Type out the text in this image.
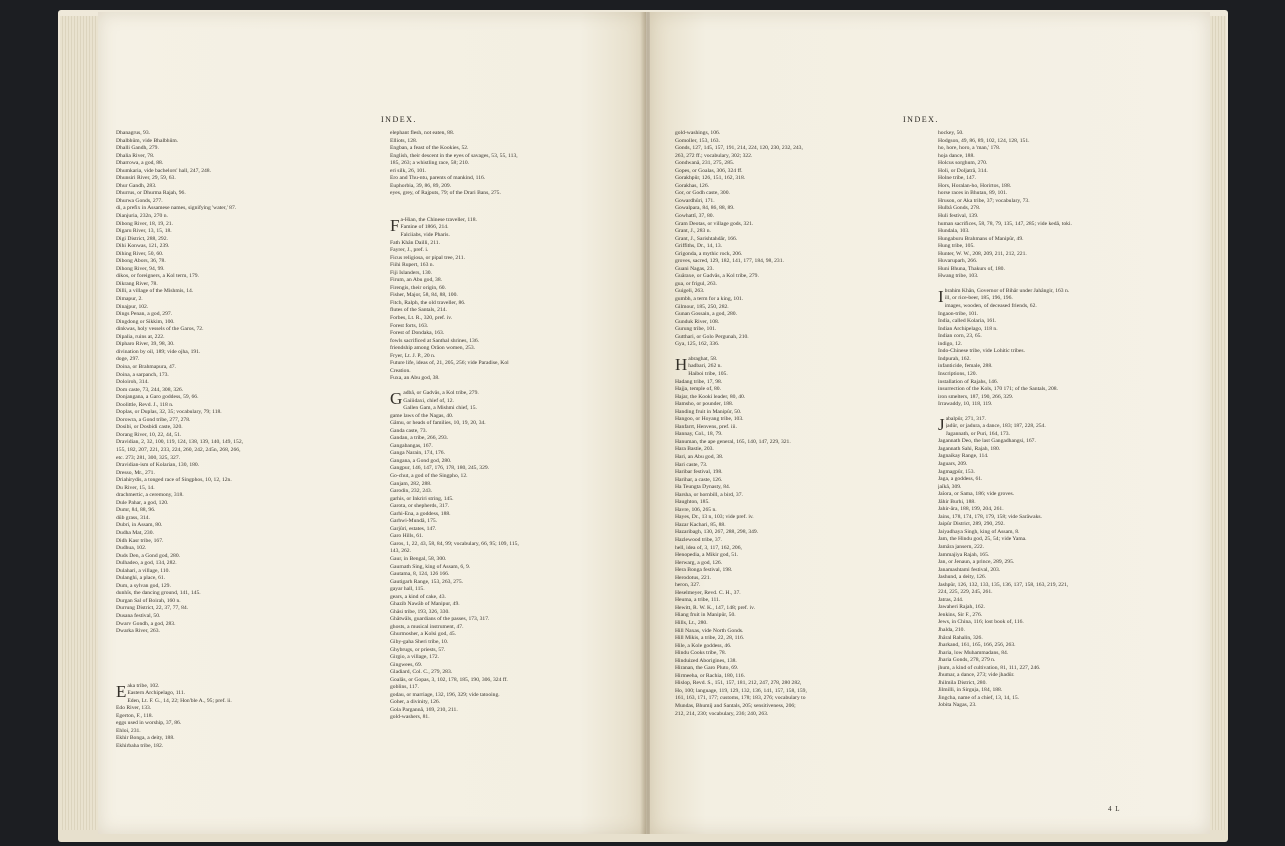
INDEX.
Dhanagrus, 93.
Dhalbhûm, vide Bhalbhûm.
Dhalli Gandh, 279.
Dhalia River, 78.
Dharrowa, a god, 88.
Dhumkaria, vide bachelors' hall, 247, 248.
Dhunsiri River, 29, 59, 63.
Dhur Gandh, 283.
Dhurrus, or Dhurma Rajah, 96.
Dhurwa Gonds, 277.
di, a prefix in Assamese names, signifying 'water,' 87.
Dianjuria, 232n, 270 n.
Dibong River, 18, 19, 21.
Digaru River, 13, 15, 18.
Digi District, 288, 292.
Dihi Konwas, 121, 239.
Dihing River, 50, 60.
Dibong Abors, 36, 78.
Dihong River, 94, 99.
dikos, or foreigners, a Kol term, 179.
Dikrang River, 78.
Dilli, a village of the Mishmis, 14.
Dimapur, 2.
Dinajpur, 102.
Dings Penan, a god, 297.
Dingdong or Sikkim, 100.
dinkwas, holy vessels of the Garos, 72.
Dipalia, ruins at, 222.
Dipharo River, 39, 98, 30.
divination by oil, 189; vide ojha, 191.
doge, 297.
Doina, or Brahmapura, 47.
Doina, a sarpanch, 173.
Doloiroh, 314.
Dom caste, 73, 244, 308, 326.
Donjangana, a Garo goddess, 59, 66.
Doolittle, Revd. J., 118 n.
Doplas, or Duplas, 32, 35; vocabulary, 79; 118.
Dorowra, a Gond tribe, 277, 278.
Dosibi, or Dosbidi caste, 320.
Dorang River, 10, 22, 44, 51.
Dravidian, 2, 32, 100, 119, 124, 138, 139, 140, 149, 152,
155, 182, 207, 221, 233, 224, 260, 242, 245n, 268, 266,
etc. 273; 281, 300, 325, 327.
Dravidian-ism of Kolarian, 130, 180.
Dresso, Mr., 271.
Driahirydis, a tonged race of Singphos, 10, 12, 12n.
Du River, 15, 14.
drachmertic, a ceremony, 318.
Dule Pahar, a god, 120.
Dumr, 84, 88, 96.
dûb grass, 314.
Dubri, in Assam, 80.
Dudha Mat, 230.
Didh Kasr tribe, 167.
Dudhua, 102.
Duds Den, a Gond god, 280.
Dulhadeo, a god, 134, 282.
Dulahari, a village, 110.
Dulanghi, a place, 61.
Dum, a sylvan god, 129.
dunhîs, the dancing ground, 141, 145.
Durgan Sal of Boirah, 160 n.
Durrung District, 22, 37, 77, 84.
Dusana festival, 50.
Dwarv Gondh, a god, 283.
Dwarka River, 263.
E aka tribe, 102.
Eastern Archipelago, 111.
Eden, Lt. F. G., 14, 22; Hon'ble A., 95; pref. ii.
Edo River, 133.
Egerton, F., 118.
eggs used in worship, 37, 86.
Ehloi, 231.
Ekhir Bonga, a deity, 188.
Ekhirbaha tribe, 182.
elephant flesh, not eaten, 88.
Elliots, 128.
Engban, a feast of the Kookies, 52.
English, their descent in the eyes of savages, 53, 55, 113,
185, 263; a whistling race, 58; 210.
eri silk, 26, 101.
Ero and Thu-ntu, parents of mankind, 116.
Euphorbia, 39, 86, 89, 209.
eyes, grey, of Rajputs, 79; of the Drari Bans, 275.
F a-Hian, the Chinese traveller, 118.
Famine of 1866, 214.
Falciiabs, vide Pharis.
Fath Khân Dailli, 211.
Fayrer, J., pref. i.
Ficus religiosa, or pipal tree, 211.
Fiihi Rupert, 163 n.
Fiji Islanders, 130.
Firum, an Abu god, 38.
Firengis, their origin, 60.
Fisher, Major, 58, 84, 88, 100.
Fitch, Ralph, the old traveller, 86.
flutes of the Santals, 214.
Forbes, Lt. R., 320, pref. iv.
Forest forts, 163.
Forest of Dondaka, 163.
fowls sacrificed at Santhal shrines, 136.
friendship among Orâon women, 253.
Fryer, Lt. J. P., 20 n.
Future life, ideas of, 21, 205, 256; vide Paradise, Kol
Creation.
Fuxa, an Abu god, 38.
G adbâ, or Gadvâs, a Kol tribe, 279.
Gaiiidaxi, chief of, 12.
Gallen Gam, a Mishmi chief, 15.
game laws of the Nagas, 40.
Gâmu, or heads of families, 10, 19, 20, 34.
Ganda caste, 73.
Gandan, a tribe, 266, 293.
Gangabangas, 167.
Ganga Narain, 174, 176.
Gangana, a Gond god, 280.
Gangpur, 146, 147, 176, 178, 180, 245, 329.
Go-chut, a god of the Singpho, 12.
Ganjam, 282, 288.
Garodin, 232, 243.
garhis, or Inkriri string, 145.
Garota, or shepherds, 317.
Garhi-Ena, a goddess, 188.
Garhwi-Mundâ, 175.
Garjûri, estates, 147.
Garo Hills, 61.
Garos, 1, 22, 43, 58, 84, 99; vocabulary, 66, 95; 109, 115,
143, 262.
Gaur, in Bengal, 58, 300.
Gaurnath Sing, king of Assam, 6, 9.
Gautama, 8, 124, 126 166.
Gautigarh Range, 153, 263, 275.
gayar hall, 115.
gears, a kind of cake, 43.
Ghazib Nawâb of Manipur, 49.
Ghâsi tribe, 193, 326, 330.
Ghâtwâls, guardians of the passes, 173, 317.
ghosts, a musical instrument, 47.
Ghurmosher, a Kolsi god, 45.
Giby-gaha Sheri tribe, 10.
Ghybrugs, or priests, 57.
Girgio, a village, 172.
Gingwees, 69.
Gladiard, Col. C., 279, 283.
Goalâs, or Gopas, 3, 102, 178, 185, 190, 306, 324 ff.
goblins, 117.
godau, or marriage, 132, 196, 329; vide tatooing.
Goher, a divinity, 126.
Gola Pargannâ, 169, 210, 211.
gold-washers, 81.
INDEX.
gold-washings, 106.
Gomoller, 153, 163.
Gonds, 127, 145, 157, 191, 214, 224, 120, 230, 232, 243,
263, 272 ff.; vocabulary, 302; 322.
Gondwanâ, 231, 275, 285.
Gopes, or Goalas, 306, 324 ff.
Gorakhpûr, 126, 151, 162, 318.
Gorakhas, 126.
Gor, or Godh caste, 300.
Gowardhûri, 171.
Gowalpara, 84, 86, 88, 89.
Gowhattî, 37, 80.
Gram Deotas, or village gods, 321.
Grant, J., 283 n.
Grant, J., Sarishtahdâr, 166.
Griffiths, Dr., 14, 13.
Grigonda, a mythic rock, 206.
groves, sacred, 129, 182, 141, 177, 184, 98, 231.
Guani Nagas, 23.
Guâraxe, or Gadvâs, a Kol tribe, 279.
gua, or frigul, 263.
Guigeli, 263.
gumbh, a term for a king, 101.
Gilmour, 185, 250, 282.
Gunan Gossain, a god, 280.
Gunduk River, 108.
Gurung tribe, 101.
Gutthari, or Golo Pergunah, 210.
Gya, 125, 162, 336.
H abraghat, 58.
hadbari, 262 n.
Haiboi tribe, 105.
Hadang tribe, 17, 98.
Hajja, temple of, 80.
Hajar, the Kooki leader, 80, 40.
Hamsho, or pounder, 188.
Handing fruit in Manipûr, 50.
Hangoo, or Hoyang tribe, 103.
Hanfarrt, Henvens, pref. iii.
Hannay, Col., 18, 79.
Hanuman, the ape general, 165, 140, 147, 229, 321.
Hara Bastie, 203.
Hari, an Abu god, 38.
Hari caste, 73.
Haribar festival, 198.
Harihar, a caste, 126.
Ha Teungta Dynasty, 84.
Harsha, or hornbill, a bird, 37.
Haughton, 185.
Havre, 106, 265 n.
Hayes, Dr., 13 n, 103; vide pref. iv.
Hazar Kachari, 85, 88.
Hazaribagh, 130, 267, 288, 298, 349.
Hazlewood tribe, 37.
hell, idea of, 3, 117, 162, 206,
Henopedia, a Mikir god, 51.
Herwarg, a god, 126.
Hera Bonga festival, 198.
Herodotus, 221.
heron, 327.
Heselmeyer, Revd. C. H., 37.
Heuma, a tribe, 111.
Hewitt, R. W. K., 147, 148; pref. iv.
Hiang fruit in Manipûr, 50.
Hills, Lt., 280.
Hill Naxas, vide North Gonds.
Hill Mikis, a tribe, 22, 28, 116.
Hile, a Kole goddess, 46.
Hindu Cooks tribe, 78.
Hinduized Aborigines, 138.
Hiranan, the Garo Pluto, 69.
Hirmeeha, or Rachia, 180, 116.
Hislop, Revd. S., 151, 157, 181, 212, 247, 278, 280 282,
Ho, 100; language, 119, 129, 132, 136, 141, 157, 158, 159,
161, 163, 171, 177; customs, 178; 183, 276; vocabulary to
Mundas, Bhumij and Santals, 205; sensitiveness, 206;
212, 214, 230; vocabulary, 236; 240, 263.
hockey, 50.
Hodgson, 49, 86, 89, 102, 124, 128, 151.
ho, hore, horo, a 'man,' 178.
hoja dance, 188.
Holcus sorghum, 270.
Holi, or Doljatrâ, 314.
Holne tribe, 147.
Hors, Horalan-ho, Horirtos, 188.
horse races in Bhutan, 89, 101.
Hruson, or Aka tribe, 37; vocabulary, 73.
Hulbâ Gonds, 278.
Huli festival, 139.
human sacrifices, 58, 78, 79, 135, 147, 285; vide kedâ, toki.
Hundala, 103.
Hungaburu Brahmans of Manipûr, 49.
Hung tribe, 105.
Hunter, W. W., 208, 209, 211, 212, 221.
Huvaruparh, 266.
Huni Bhuna, Thakurs of, 180.
Hwang tribe, 103.
I brahim Khân, Governor of Bihâr under Jahângir, 163 n.
ill, or rice-beer, 185, 196, 196.
images, wooden, of deceased friends, 62.
Ingaon-tribe, 101.
India, called Kolaria, 161.
Indian Archipelago, 118 n.
Indian corn, 23, 65.
indigo, 12.
Indo-Chinese tribe, vide Lohitic tribes.
Indpurah, 162.
infanticide, female, 288.
Inscriptions, 120.
installation of Rajahs, 146.
insurrection of the Kols, 170 171; of the Santals, 208.
iron smelters, 187, 190, 266, 329.
Irrawaddy, 10, 118, 119.
J abalpûr, 271, 317.
jadûr, or jadura, a dance, 183; 187, 228, 254.
Jagannath, or Puri, 164, 173.
Jagannath Deo, the last Gangadhangsi, 167.
Jagannath Sahi, Rajah, 180.
Jagnaikay Range, 114.
Jaguars, 209.
Jagmagpûr, 153.
Jaga, a goddess, 61.
jaîkâ, 309.
Jaîora, or Sama, 186; vide groves.
Jâhir Burhi, 188.
Jahir-âra, 188, 199, 204, 261.
Jains, 178, 174, 178, 179, 158; vide Sarâwaks.
Jaipûr District, 289, 290, 292.
Jaiyadhaya Singh, king of Assam, 8.
Jam, the Hindu god, 25, 54; vide Yama.
Jamâra jansern, 222.
Jammajiya Rajah, 165.
Jan, or Jenaun, a prince, 289, 295.
Janamashtami festival, 203.
Jashund, a deity, 126.
Jashpûr, 126, 132, 133, 135, 136, 137, 158, 163, 219, 221,
224, 225, 229, 245, 261.
Jatras, 244.
Jawaheri Rajah, 162.
Jenkins, Sir F., 276.
Jews, in China, 116; lost book of, 116.
Jhalda, 210.
Jhâral Rahalin, 326.
Jharkand, 161, 165, 166, 256, 263.
Jharia, low Muhammadans, 84.
Jharia Gonds, 278, 279 n.
jhum, a kind of cultivation, 81, 111, 227, 246.
Jhumar, a dance, 273; vide jhadûr.
Jhilmila District, 280.
Jilmilli, in Sirguja, 184, 188.
Jingcha, name of a chief, 13, 14, 15.
Jobita Nagas, 23.
4 L
